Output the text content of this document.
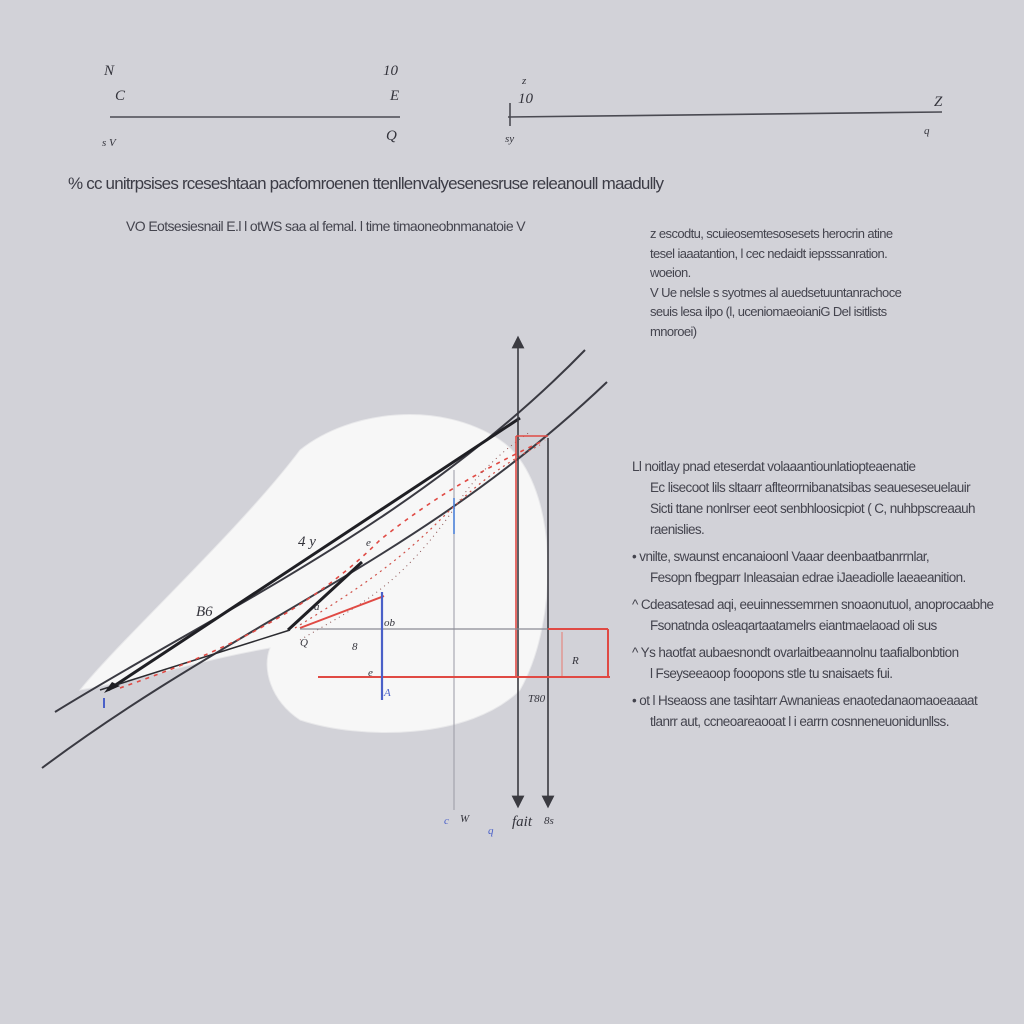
N	10
C	E
s V	Q
z
10
sy
Z
q
4 y
B6
e
a
Q
ob
8
e
A
R
T80
c W
q
fait 8s
% cc unitrpsises rceseshtaan pacfomroenen ttenllenvalyesenesruse releanoull maadully
VO Eotsesiesnail E.l l otWS saa al femal. l time timaoneobnmanatoie V	z escodtu, scuieosemtesosesets herocrin atine
tesel iaaatantion, l cec nedaidt iepsssanration.
woeion.
V Ue nelsle s syotmes al auedsetuuntanrachoce
seuis lesa ilpo (l, uceniomaeoianiG Del isitlists
mnoroei)
Ll noitlay pnad eteserdat volaaantiounlatiopteaenatie
Ec lisecoot lils sltaarr aflteorrnibanatsibas seaueseseuelauir
Sicti ttane nonlrser eeot senbhloosicpiot ( C, nuhbpscreaauh
raenislies.
• vnilte, swaunst encanaioonl Vaaar deenbaatbanrrnlar,
Fesopn fbegparr Inleasaian edrae iJaeadiolle laeaeanition.
^ Cdeasatesad aqi, eeuinnessemrnen snoaonutuol, anoprocaabhe
Fsonatnda osleaqartaatamelrs eiantmaelaoad oli sus
^ Ys haotfat aubaesnondt ovarlaitbeaannolnu taafialbonbtion
l Fseyseeaoop fooopons stle tu snaisaets fui.
• ot l Hseaoss ane tasihtarr Awnanieas enaotedanaomaoeaaaat
tlanrr aut, ccneoareaooat l i earrn cosnneneuonidunllss.
